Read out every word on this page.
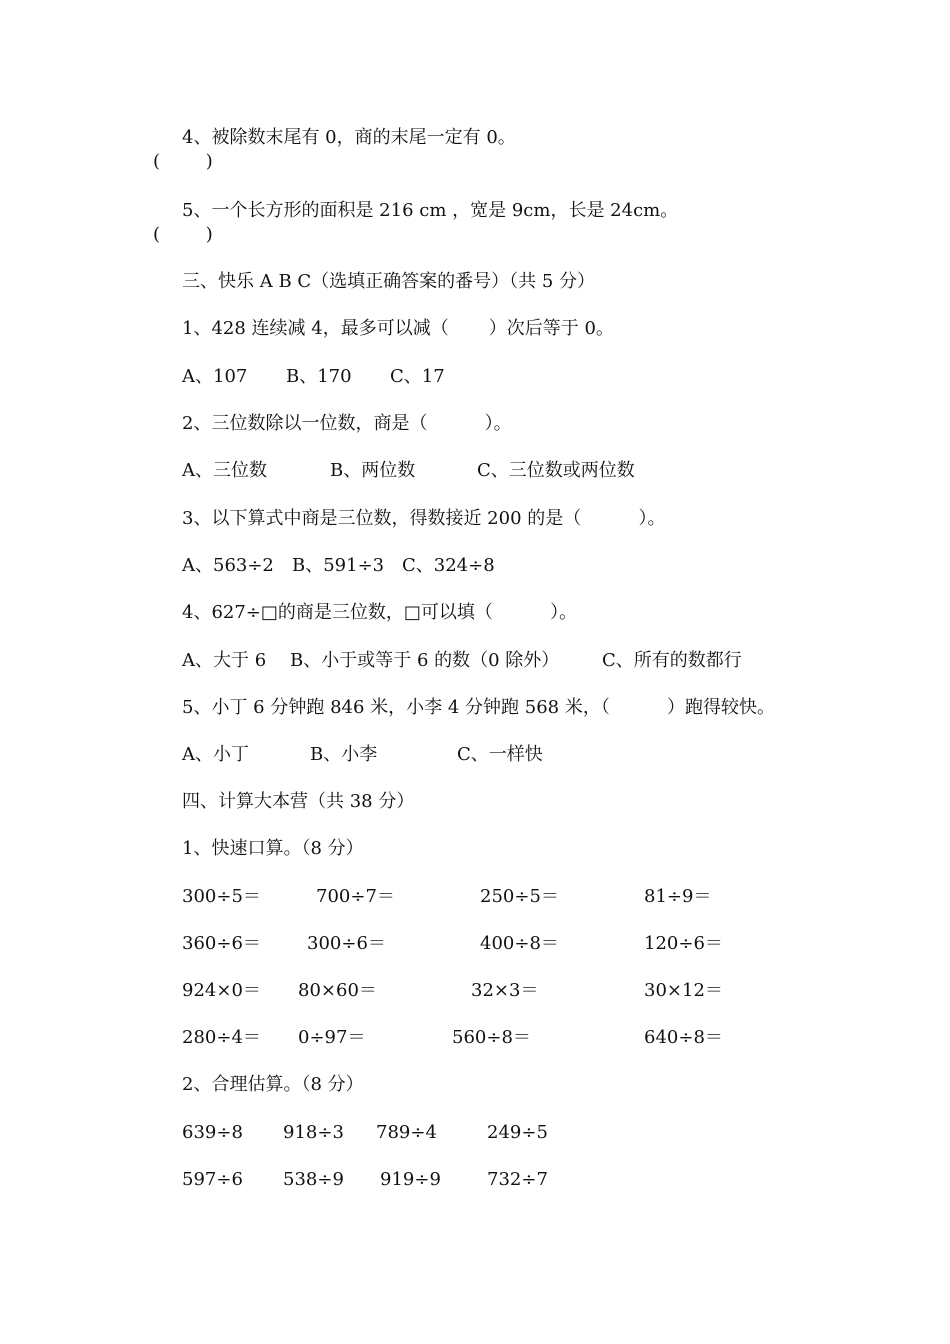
4、被除数末尾有 0，商的末尾一定有 0。
(        )
5、一个长方形的面积是 216 cm ，宽是 9cm，长是 24cm。
(        )
三、快乐 A B C（选填正确答案的番号）（共 5 分）
1、428 连续减 4，最多可以减（       ）次后等于 0。
A、107 B、170 C、17
2、三位数除以一位数，商是（          ）。
A、三位数	B、两位数	C、三位数或两位数
3、以下算式中商是三位数，得数接近 200 的是（          ）。
A、563÷2 B、591÷3 C、324÷8
4、627÷□的商是三位数，□可以填（          ）。
A、大于 6 B、小于或等于 6 的数（0 除外） C、所有的数都行
5、小丁 6 分钟跑 846 米，小李 4 分钟跑 568 米，（          ）跑得较快。
A、小丁	B、小李	C、一样快
四、计算大本营（共 38 分）
1、快速口算。（8 分）
300÷5＝	700÷7＝	250÷5＝	81÷9＝
360÷6＝	300÷6＝	400÷8＝	120÷6＝
924×0＝ 80×60＝	32×3＝	30×12＝
280÷4＝ 0÷97＝	560÷8＝	640÷8＝
2、合理估算。（8 分）
639÷8 918÷3 789÷4	249÷5
597÷6 538÷9 919÷9	732÷7
